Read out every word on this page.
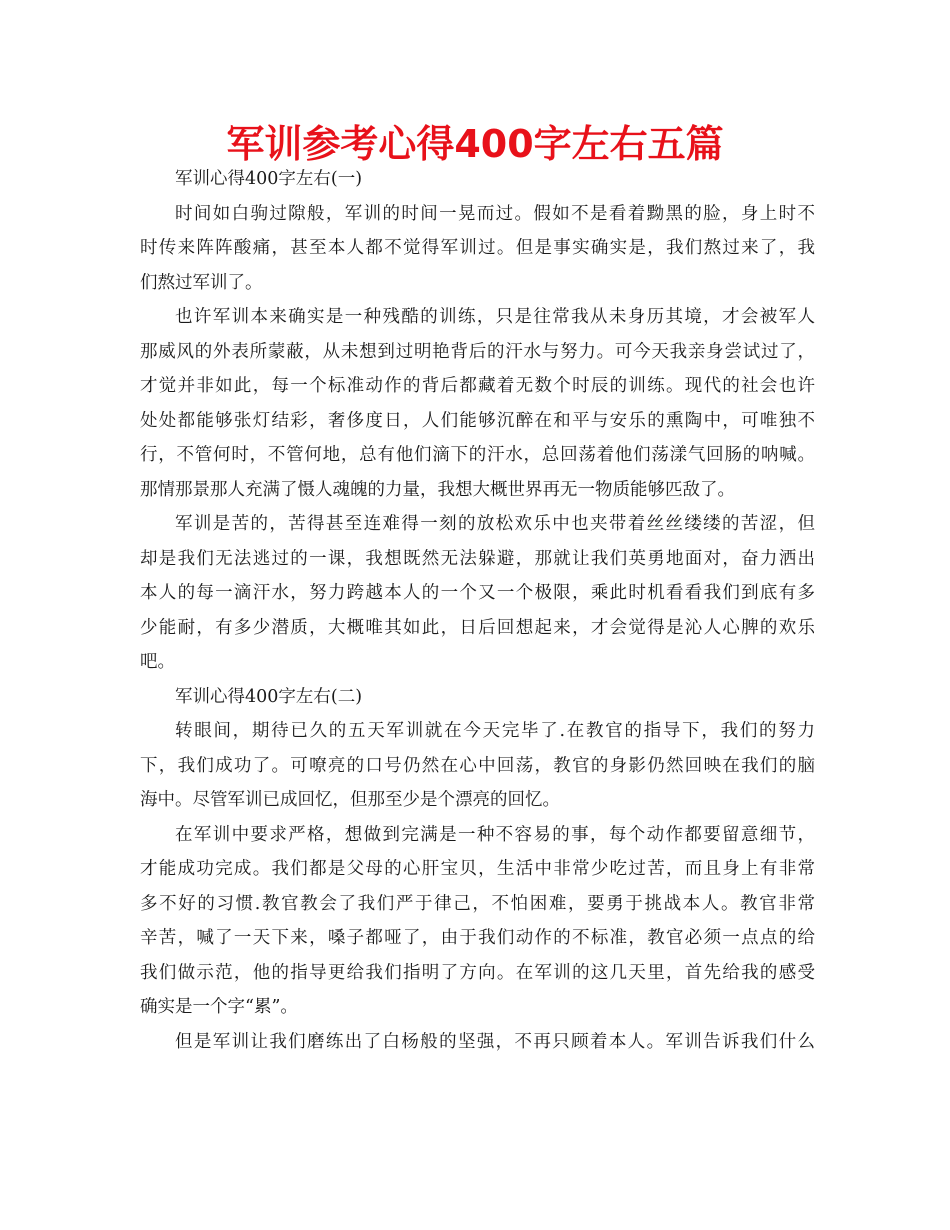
军训参考心得400字左右五篇
军训心得400字左右(一)
时间如白驹过隙般，军训的时间一晃而过。假如不是看着黝黑的脸，身上时不
时传来阵阵酸痛，甚至本人都不觉得军训过。但是事实确实是，我们熬过来了，我
们熬过军训了。
也许军训本来确实是一种残酷的训练，只是往常我从未身历其境，才会被军人
那威风的外表所蒙蔽，从未想到过明艳背后的汗水与努力。可今天我亲身尝试过了，
才觉并非如此，每一个标准动作的背后都藏着无数个时辰的训练。现代的社会也许
处处都能够张灯结彩，奢侈度日，人们能够沉醉在和平与安乐的熏陶中，可唯独不
行，不管何时，不管何地，总有他们滴下的汗水，总回荡着他们荡漾气回肠的呐喊。
那情那景那人充满了慑人魂魄的力量，我想大概世界再无一物质能够匹敌了。
军训是苦的，苦得甚至连难得一刻的放松欢乐中也夹带着丝丝缕缕的苦涩，但
却是我们无法逃过的一课，我想既然无法躲避，那就让我们英勇地面对，奋力洒出
本人的每一滴汗水，努力跨越本人的一个又一个极限，乘此时机看看我们到底有多
少能耐，有多少潜质，大概唯其如此，日后回想起来，才会觉得是沁人心脾的欢乐
吧。
军训心得400字左右(二)
转眼间，期待已久的五天军训就在今天完毕了.在教官的指导下，我们的努力
下，我们成功了。可嘹亮的口号仍然在心中回荡，教官的身影仍然回映在我们的脑
海中。尽管军训已成回忆，但那至少是个漂亮的回忆。
在军训中要求严格，想做到完满是一种不容易的事，每个动作都要留意细节，
才能成功完成。我们都是父母的心肝宝贝，生活中非常少吃过苦，而且身上有非常
多不好的习惯.教官教会了我们严于律己，不怕困难，要勇于挑战本人。教官非常
辛苦，喊了一天下来，嗓子都哑了，由于我们动作的不标准，教官必须一点点的给
我们做示范，他的指导更给我们指明了方向。在军训的这几天里，首先给我的感受
确实是一个字“累”。
但是军训让我们磨练出了白杨般的坚强，不再只顾着本人。军训告诉我们什么
